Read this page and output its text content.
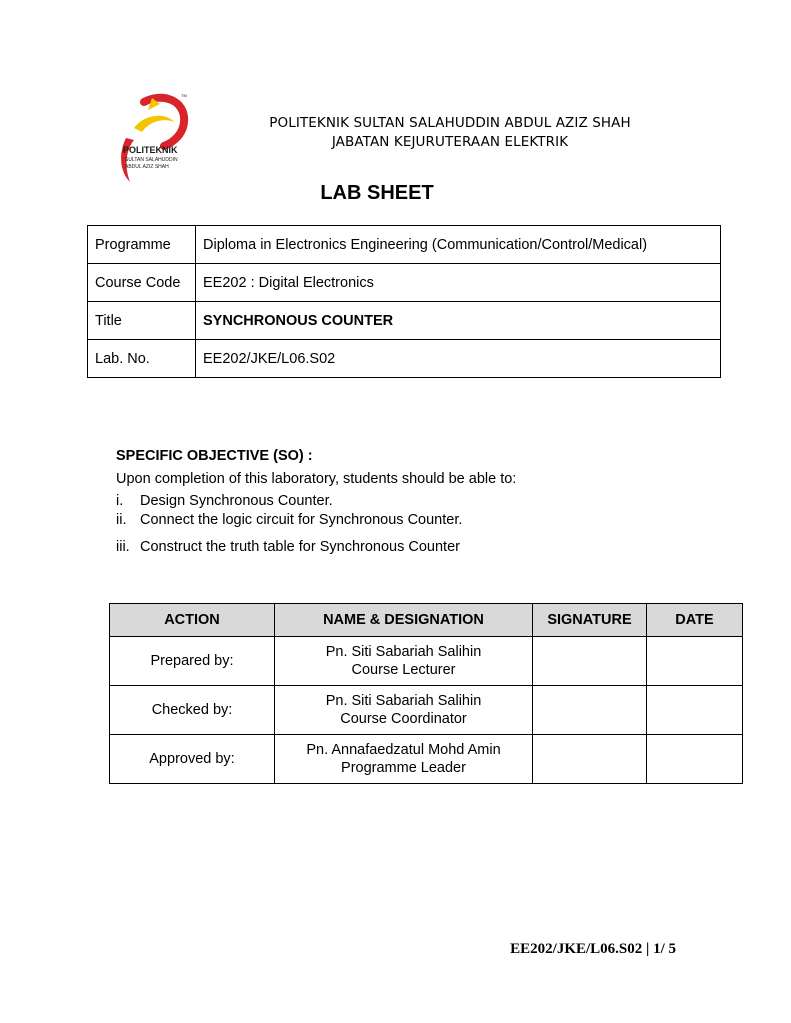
TM
POLITEKNIK
SULTAN SALAHUDDIN
ABDUL AZIZ SHAH
POLITEKNIK SULTAN SALAHUDDIN ABDUL AZIZ SHAH
JABATAN KEJURUTERAAN ELEKTRIK
LAB SHEET
Programme	Diploma in Electronics Engineering (Communication/Control/Medical)
Course Code	EE202 : Digital Electronics
Title	SYNCHRONOUS COUNTER
Lab. No.	EE202/JKE/L06.S02
SPECIFIC OBJECTIVE (SO) :
Upon completion of this laboratory, students should be able to:
i.	Design Synchronous Counter.
ii. Connect the logic circuit for Synchronous Counter.
iii. Construct the truth table for Synchronous Counter
ACTION	NAME & DESIGNATION	SIGNATURE	DATE
Prepared by:	Pn. Siti Sabariah Salihin
Course Lecturer		

Checked by:	Pn. Siti Sabariah Salihin
Course Coordinator		

Approved by:	Pn. Annafaedzatul Mohd Amin
Programme Leader		

EE202/JKE/L06.S02 | 1/ 5
